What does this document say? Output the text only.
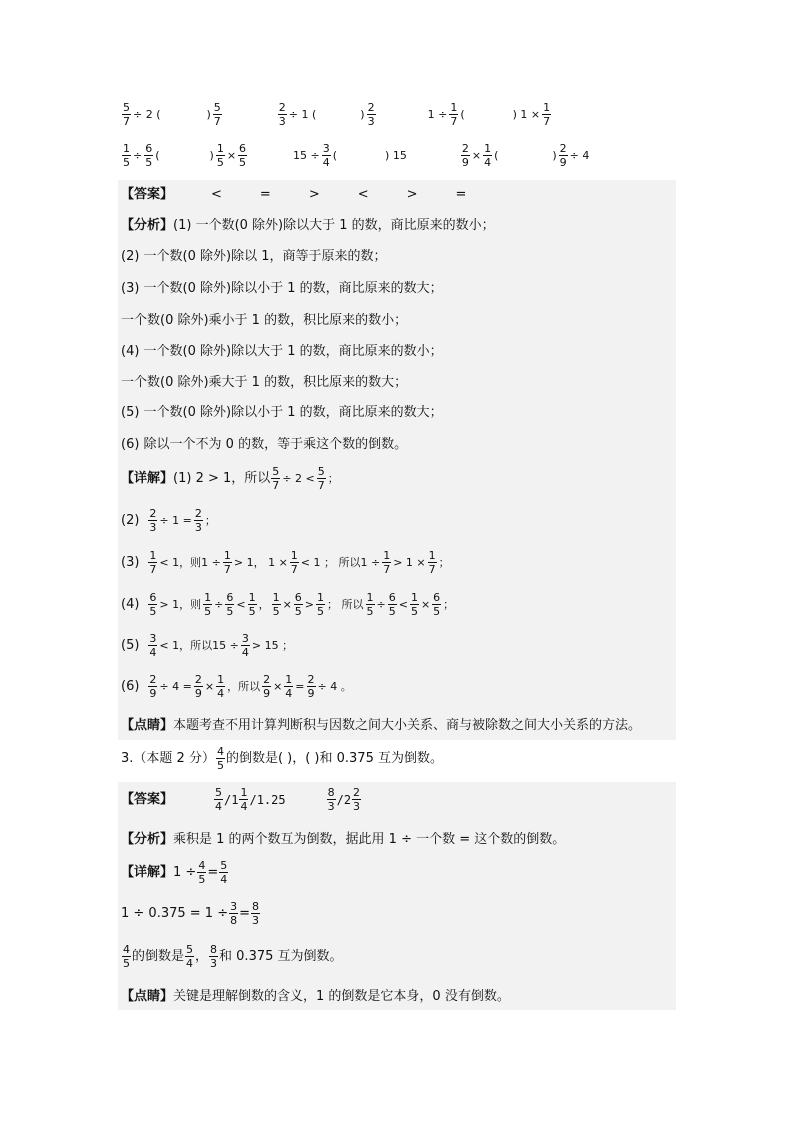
$\frac{5}{7} \div 2$ (	) $\frac{5}{7}$	$\frac{2}{3} \div 1$ (	) $\frac{2}{3}$	$1 \div \frac{1}{7}$ (	) $1 \times \frac{1}{7}$
$\frac{1}{5} \div \frac{6}{5}$ (	) $\frac{1}{5} \times \frac{6}{5}$	$15 \div \frac{3}{4}$ (	) 15	$\frac{2}{9} \times \frac{1}{4}$ (	) $\frac{2}{9} \div 4$
【答案】	<	=	>	<	>	=
【分析】 (1) 一个数(0 除外)除以大于 1 的数，商比原来的数小；
(2) 一个数(0 除外)除以 1，商等于原来的数；
(3) 一个数(0 除外)除以小于 1 的数，商比原来的数大；
一个数(0 除外)乘小于 1 的数，积比原来的数小；
(4) 一个数(0 除外)除以大于 1 的数，商比原来的数小；
一个数(0 除外)乘大于 1 的数，积比原来的数大；
(5) 一个数(0 除外)除以小于 1 的数，商比原来的数大；
(6) 除以一个不为 0 的数，等于乘这个数的倒数。
【详解】 (1) 2 > 1，所以 $\frac{5}{7} \div 2 < \frac{5}{7}$ ；
$(2) \frac{2}{3} \div 1 = \frac{2}{3}$ ；
$(3) \frac{1}{7} < 1$，则$1 \div \frac{1}{7} > 1$， $1 \times \frac{1}{7} < 1$ ； 所以$1 \div \frac{1}{7} > 1 \times \frac{1}{7}$ ；
$(4) \frac{6}{5} > 1$，则 $\frac{1}{5} \div \frac{6}{5} < \frac{1}{5}$ ， $\frac{1}{5} \times \frac{6}{5} > \frac{1}{5}$ ； 所以 $\frac{1}{5} \div \frac{6}{5} < \frac{1}{5} \times \frac{6}{5}$ ；
$(5) \frac{3}{4} < 1$，所以$15 \div \frac{3}{4} > 15$ ；
$(6) \frac{2}{9} \div 4 = \frac{2}{9} \times \frac{1}{4}$ ，所以 $\frac{2}{9} \times \frac{1}{4} = \frac{2}{9} \div 4$ 。
【点睛】 本题考查不用计算判断积与因数之间大小关系、商与被除数之间大小关系的方法。
3.（本题 2 分） $\frac{4}{5}$ 的倒数是( )，( )和 0.375 互为倒数。
【答案】	$\frac{5}{4} /1 \frac{1}{4} /1.25$	$\frac{8}{3} /2 \frac{2}{3}$
【分析】 乘积是 1 的两个数互为倒数，据此用 1 ÷ 一个数 = 这个数的倒数。
【详解】 $1 \div \frac{4}{5} = \frac{5}{4}$
$1 \div 0.375 = 1 \div \frac{3}{8} = \frac{8}{3}$
$\frac{4}{5}$ 的倒数是 $\frac{5}{4}$ ， $\frac{8}{3}$ 和 0.375 互为倒数。
【点睛】 关键是理解倒数的含义，1 的倒数是它本身，0 没有倒数。
